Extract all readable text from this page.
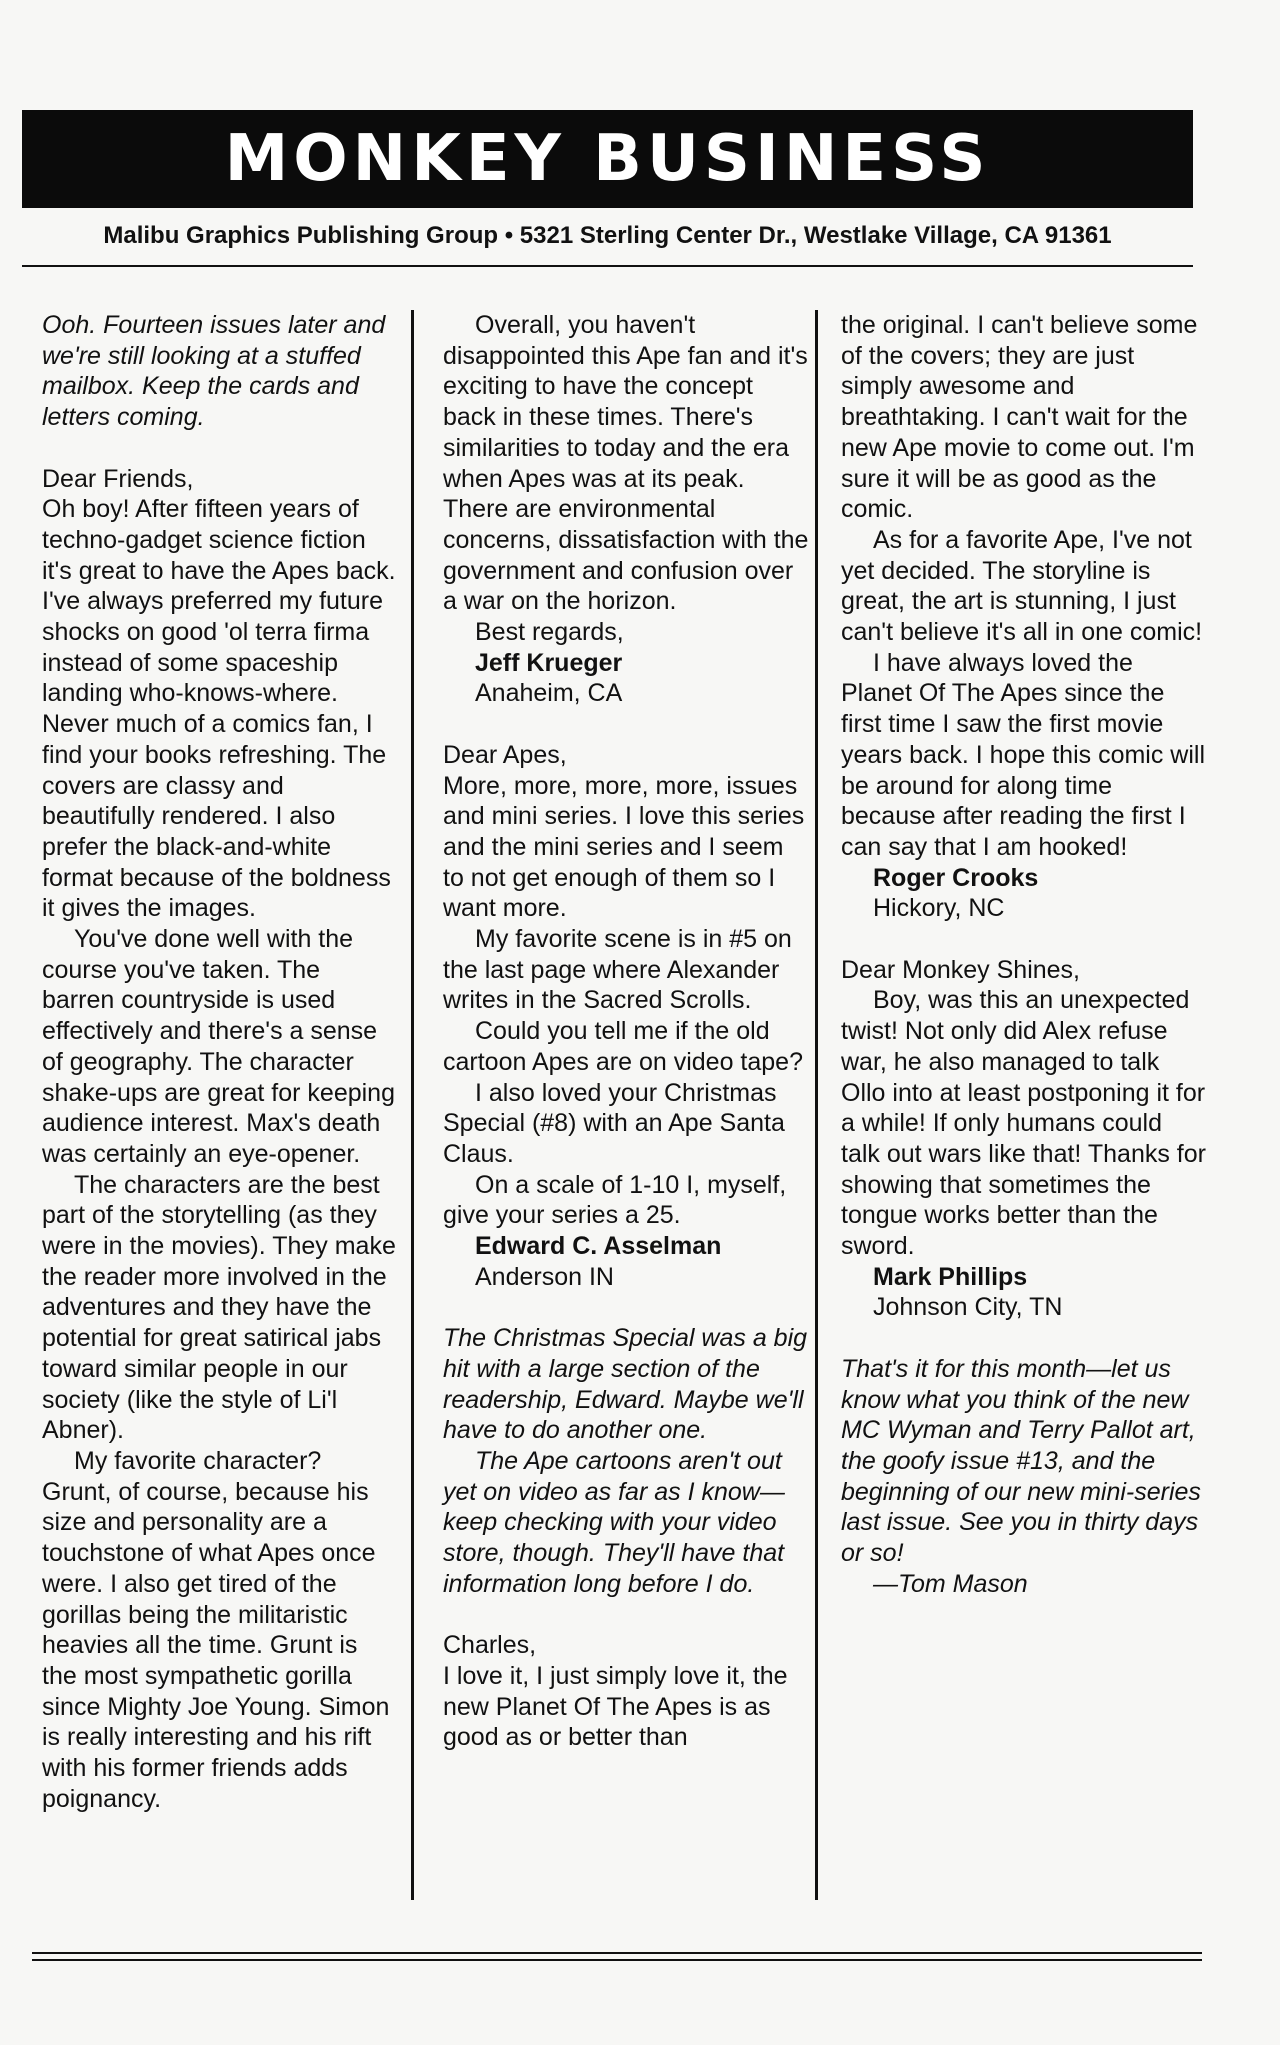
MONKEY BUSINESS
Malibu Graphics Publishing Group • 5321 Sterling Center Dr., Westlake Village, CA 91361

Ooh. Fourteen issues later and we're still looking at a stuffed mailbox. Keep the cards and letters coming.

Dear Friends,

Oh boy! After fifteen years of techno-gadget science fiction it's great to have the Apes back. I've always preferred my future shocks on good 'ol terra firma instead of some spaceship landing who-knows-where. Never much of a comics fan, I find your books refreshing. The covers are classy and beautifully rendered. I also prefer the black-and-white format because of the boldness it gives the images.

You've done well with the course you've taken. The barren countryside is used effectively and there's a sense of geography. The character shake-ups are great for keeping audience interest. Max's death was certainly an eye-opener.

The characters are the best part of the storytelling (as they were in the movies). They make the reader more involved in the adventures and they have the potential for great satirical jabs toward similar people in our society (like the style of Li'l Abner).

My favorite character? Grunt, of course, because his size and personality are a touchstone of what Apes once were. I also get tired of the gorillas being the militaristic heavies all the time. Grunt is the most sympathetic gorilla since Mighty Joe Young. Simon is really interesting and his rift with his former friends adds poignancy.

Overall, you haven't disappointed this Ape fan and it's exciting to have the concept back in these times. There's similarities to today and the era when Apes was at its peak. There are environmental concerns, dissatisfaction with the government and confusion over a war on the horizon.

Best regards,

Jeff Krueger

Anaheim, CA

Dear Apes,

More, more, more, more, issues and mini series. I love this series and the mini series and I seem to not get enough of them so I want more.

My favorite scene is in #5 on the last page where Alexander writes in the Sacred Scrolls.

Could you tell me if the old cartoon Apes are on video tape?

I also loved your Christmas Special (#8) with an Ape Santa Claus.

On a scale of 1-10 I, myself, give your series a 25.

Edward C. Asselman

Anderson IN

The Christmas Special was a big hit with a large section of the readership, Edward. Maybe we'll have to do another one.

The Ape cartoons aren't out yet on video as far as I know—keep checking with your video store, though. They'll have that information long before I do.

Charles,

I love it, I just simply love it, the new Planet Of The Apes is as good as or better than

the original. I can't believe some of the covers; they are just simply awesome and breathtaking. I can't wait for the new Ape movie to come out. I'm sure it will be as good as the comic.

As for a favorite Ape, I've not yet decided. The storyline is great, the art is stunning, I just can't believe it's all in one comic!

I have always loved the Planet Of The Apes since the first time I saw the first movie years back. I hope this comic will be around for along time because after reading the first I can say that I am hooked!

Roger Crooks

Hickory, NC

Dear Monkey Shines,

Boy, was this an unexpected twist! Not only did Alex refuse war, he also managed to talk Ollo into at least postponing it for a while! If only humans could talk out wars like that! Thanks for showing that sometimes the tongue works better than the sword.

Mark Phillips

Johnson City, TN

That's it for this month—let us know what you think of the new MC Wyman and Terry Pallot art, the goofy issue #13, and the beginning of our new mini-series last issue. See you in thirty days or so!

—Tom Mason
